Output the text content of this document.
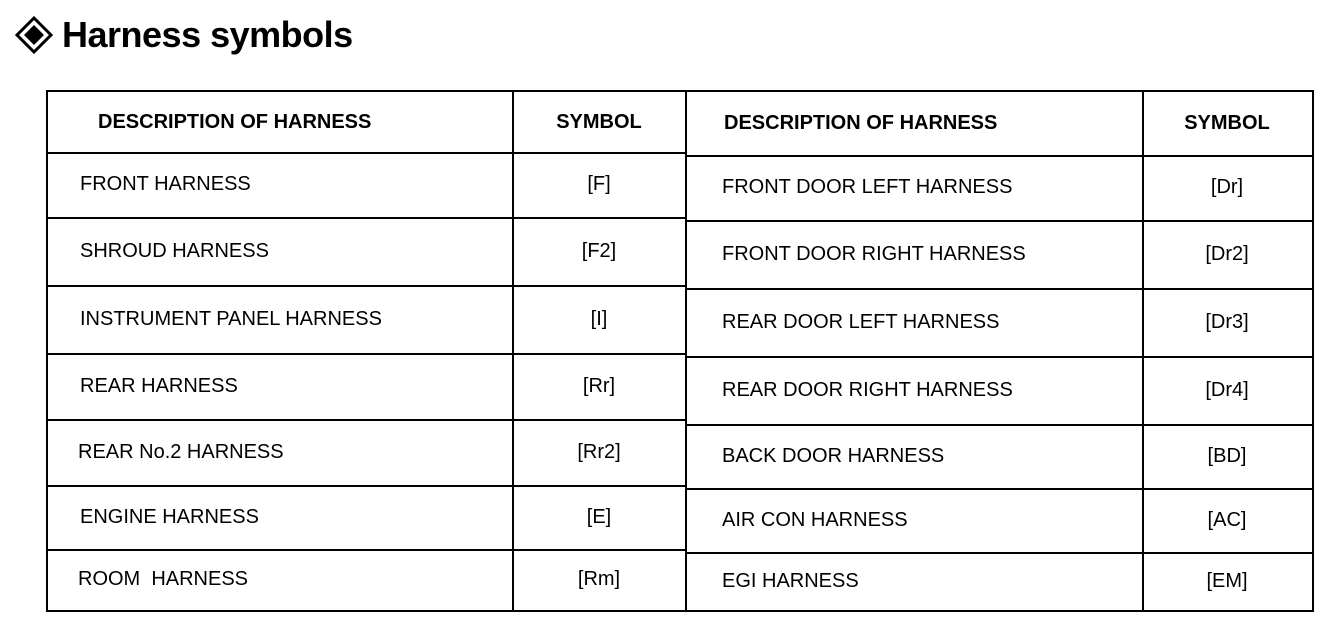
Harness symbols
DESCRIPTION OF HARNESS	SYMBOL
FRONT HARNESS	[F]
SHROUD HARNESS	[F2]
INSTRUMENT PANEL HARNESS	[I]
REAR HARNESS	[Rr]
REAR No.2 HARNESS	[Rr2]
ENGINE HARNESS	[E]
ROOM  HARNESS	[Rm]
DESCRIPTION OF HARNESS	SYMBOL
FRONT DOOR LEFT HARNESS	[Dr]
FRONT DOOR RIGHT HARNESS	[Dr2]
REAR DOOR LEFT HARNESS	[Dr3]
REAR DOOR RIGHT HARNESS	[Dr4]
BACK DOOR HARNESS	[BD]
AIR CON HARNESS	[AC]
EGI HARNESS	[EM]
